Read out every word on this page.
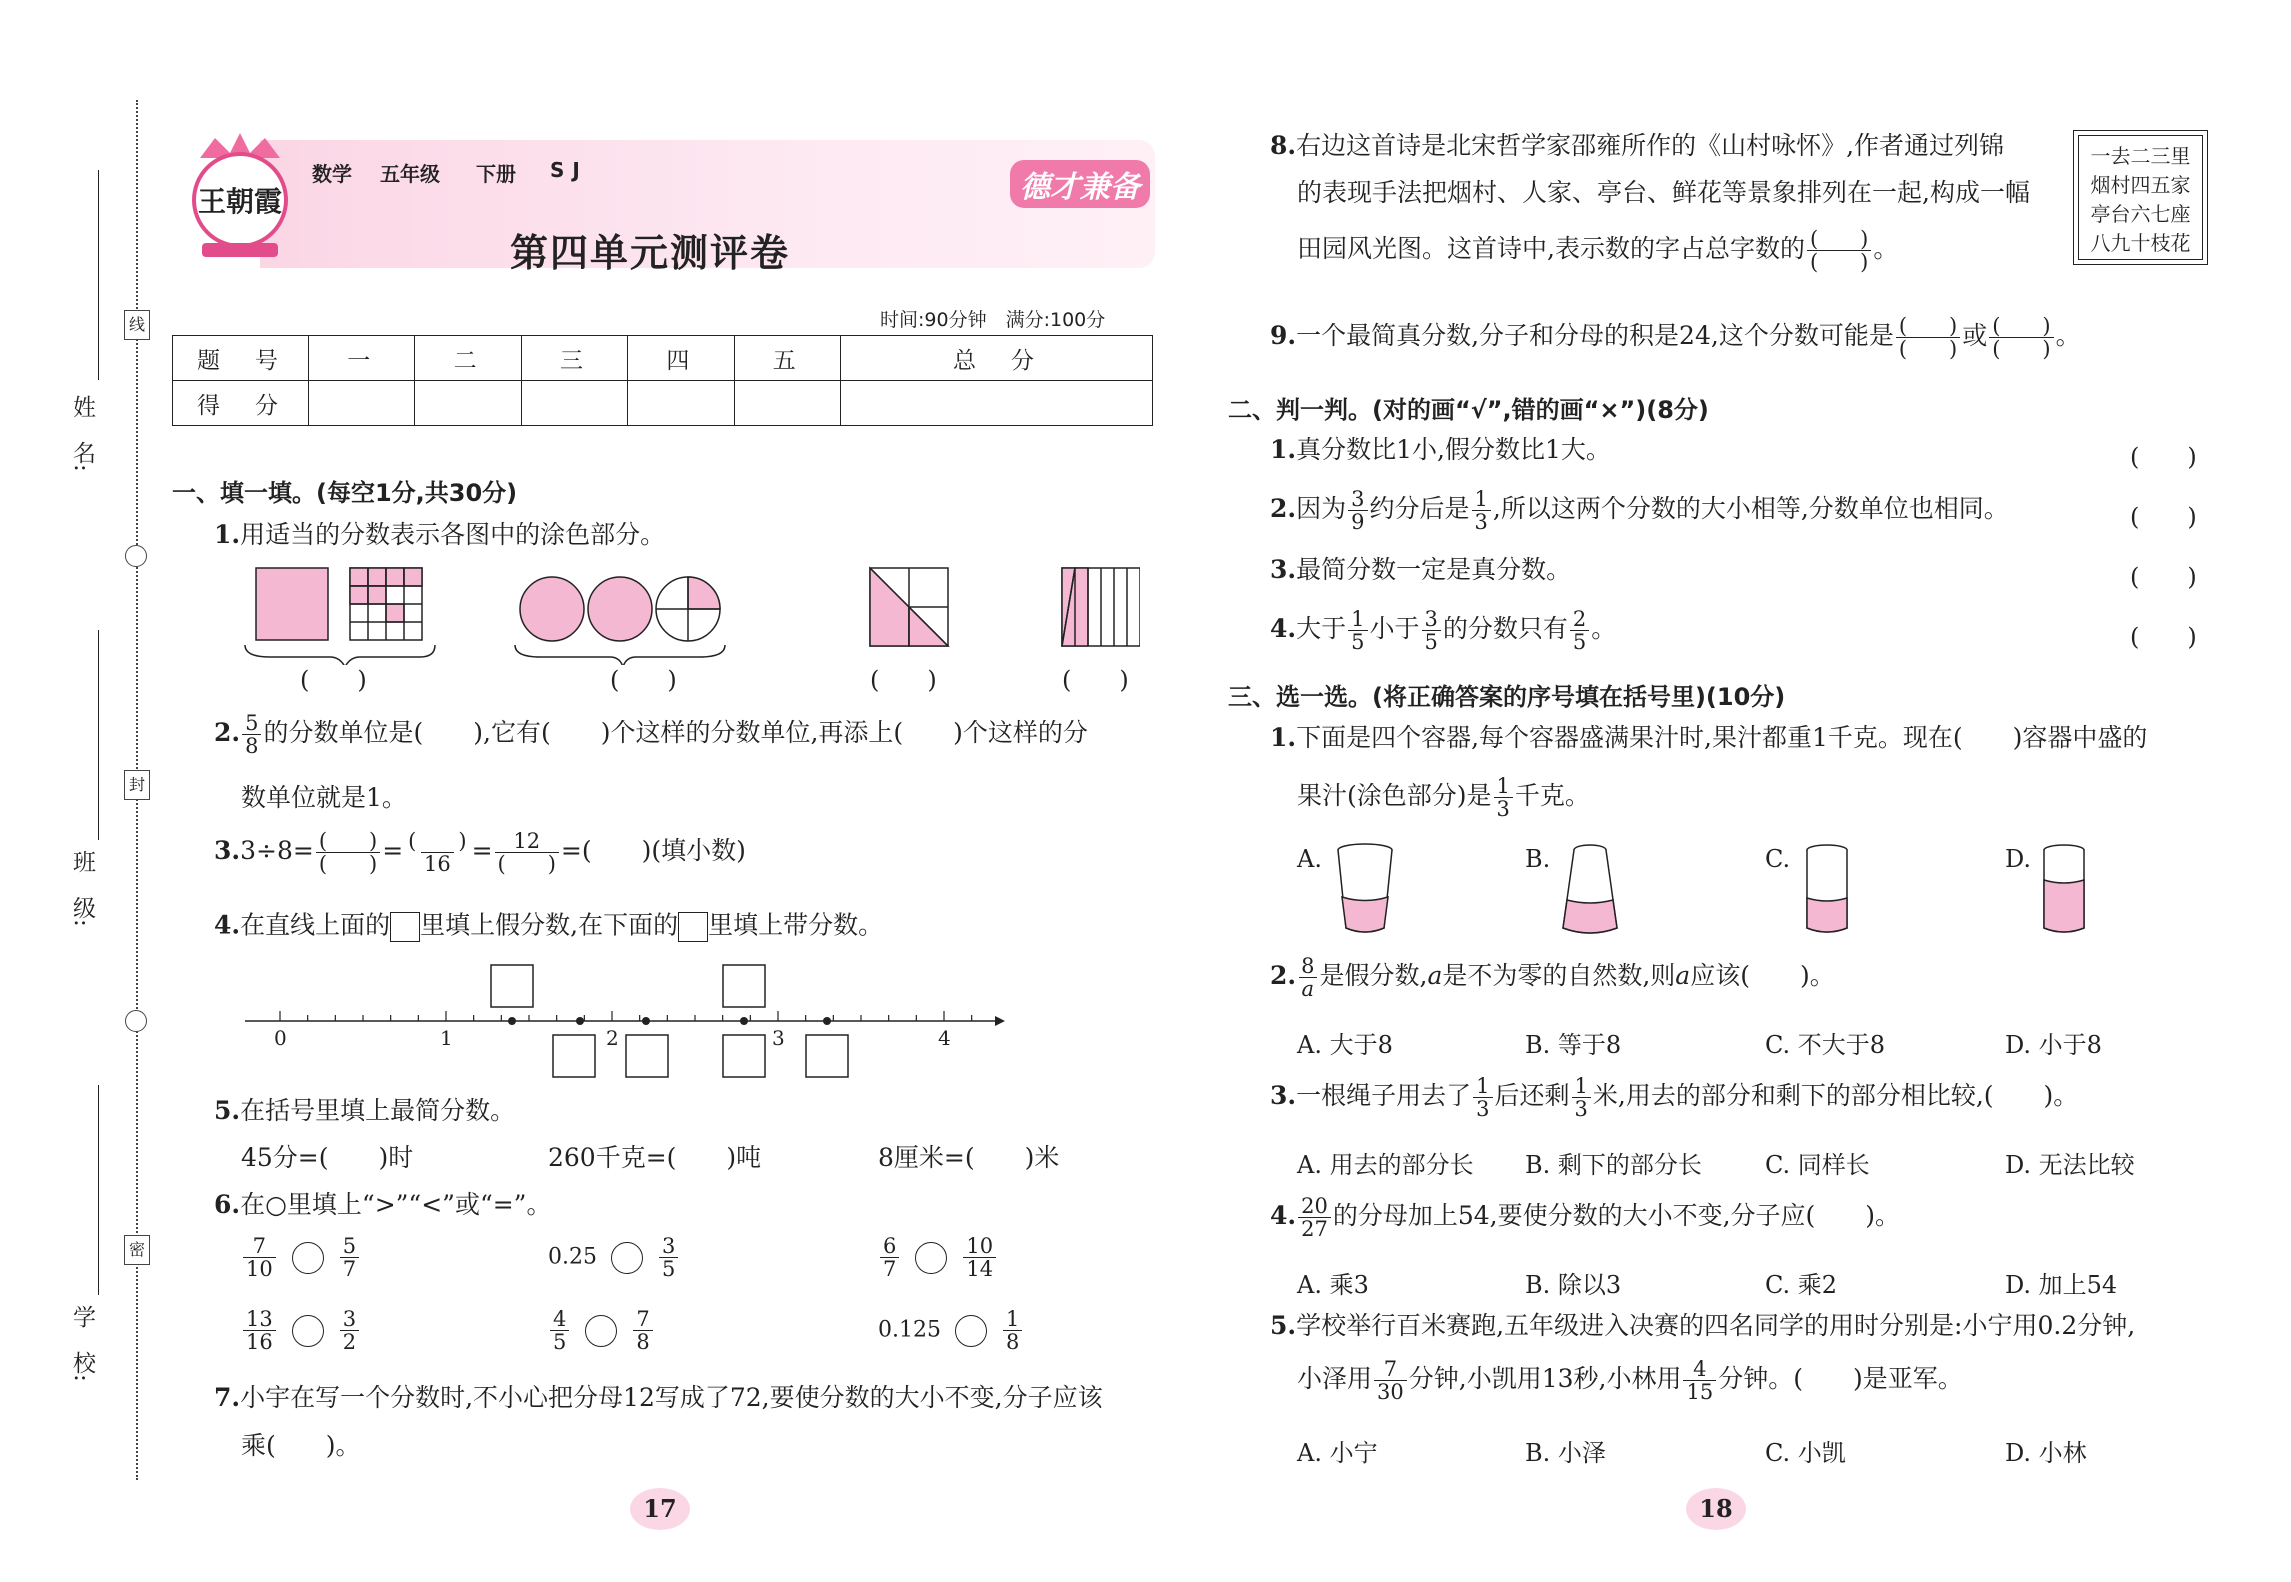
姓　名:
班　级:
学　校:
线
封
密
王朝霞
数学 五年级 下册 SJ
第四单元测评卷
德才兼备
时间:90分钟　满分:100分
题　号	一	二	三	四	五	总　分
得　分						
一、填一填。(每空1分,共30分)
1.用适当的分数表示各图中的涂色部分。
(　　)	(　　)	(　　)	(　　)
2. $\frac{5}{8}$ 的分数单位是(　　),它有(　　)个这样的分数单位,再添上(　　)个这样的分
数单位就是1。
$3.3\div 8= \frac{( )}{( )} = \frac{( )}{16} = \frac{12}{( )}$ =(　　)(填小数)
4.在直线上面的 里填上假分数,在下面的 里填上带分数。
0	1	2	3	4
5.在括号里填上最简分数。
45分=(　　)时	260千克=(　　)吨	8厘米=(　　)米
6.在○里填上“>”“<”或“=”。
$\frac{7}{10}$	$\frac{5}{7}$	0.25	$\frac{3}{5}$	$\frac{6}{7}$	$\frac{10}{14}$
$\frac{13}{16}$	$\frac{3}{2}$	$\frac{4}{5}$	$\frac{7}{8}$	0.125	$\frac{1}{8}$
7.小宇在写一个分数时,不小心把分母12写成了72,要使分数的大小不变,分子应该
乘(　　)。
17
8.右边这首诗是北宋哲学家邵雍所作的《山村咏怀》,作者通过列锦
的表现手法把烟村、人家、亭台、鲜花等景象排列在一起,构成一幅
田园风光图。这首诗中,表示数的字占总字数的 $\frac{( )}{( )}$ 。
一去二三里
烟村四五家
亭台六七座
八九十枝花
9.一个最简真分数,分子和分母的积是24,这个分数可能是 $\frac{( )}{( )}$ 或 $\frac{( )}{( )}$ 。
二、判一判。(对的画“√”,错的画“×”)(8分)
1.真分数比1小,假分数比1大。	(　　)
2.因为 $\frac{3}{9}$ 约分后是 $\frac{1}{3}$ ,所以这两个分数的大小相等,分数单位也相同。	(　　)
3.最简分数一定是真分数。	(　　)
4.大于 $\frac{1}{5}$ 小于 $\frac{3}{5}$ 的分数只有 $\frac{2}{5}$ 。	(　　)
三、选一选。(将正确答案的序号填在括号里)(10分)
1.下面是四个容器,每个容器盛满果汁时,果汁都重1千克。现在(　　)容器中盛的
果汁(涂色部分)是 $\frac{1}{3}$ 千克。
A.	B.	C.	D.
2. $\frac{8}{a}$ 是假分数,a是不为零的自然数,则a应该(　　)。
A. 大于8	B. 等于8	C. 不大于8	D. 小于8
3.一根绳子用去了 $\frac{1}{3}$ 后还剩 $\frac{1}{3}$ 米,用去的部分和剩下的部分相比较,(　　)。
A. 用去的部分长 B. 剩下的部分长	C. 同样长	D. 无法比较
4. $\frac{20}{27}$ 的分母加上54,要使分数的大小不变,分子应(　　)。
A. 乘3	B. 除以3	C. 乘2	D. 加上54
5.学校举行百米赛跑,五年级进入决赛的四名同学的用时分别是:小宁用0.2分钟,
小泽用 $\frac{7}{30}$ 分钟,小凯用13秒,小林用 $\frac{4}{15}$ 分钟。(　　)是亚军。
A. 小宁	B. 小泽	C. 小凯	D. 小林
18
